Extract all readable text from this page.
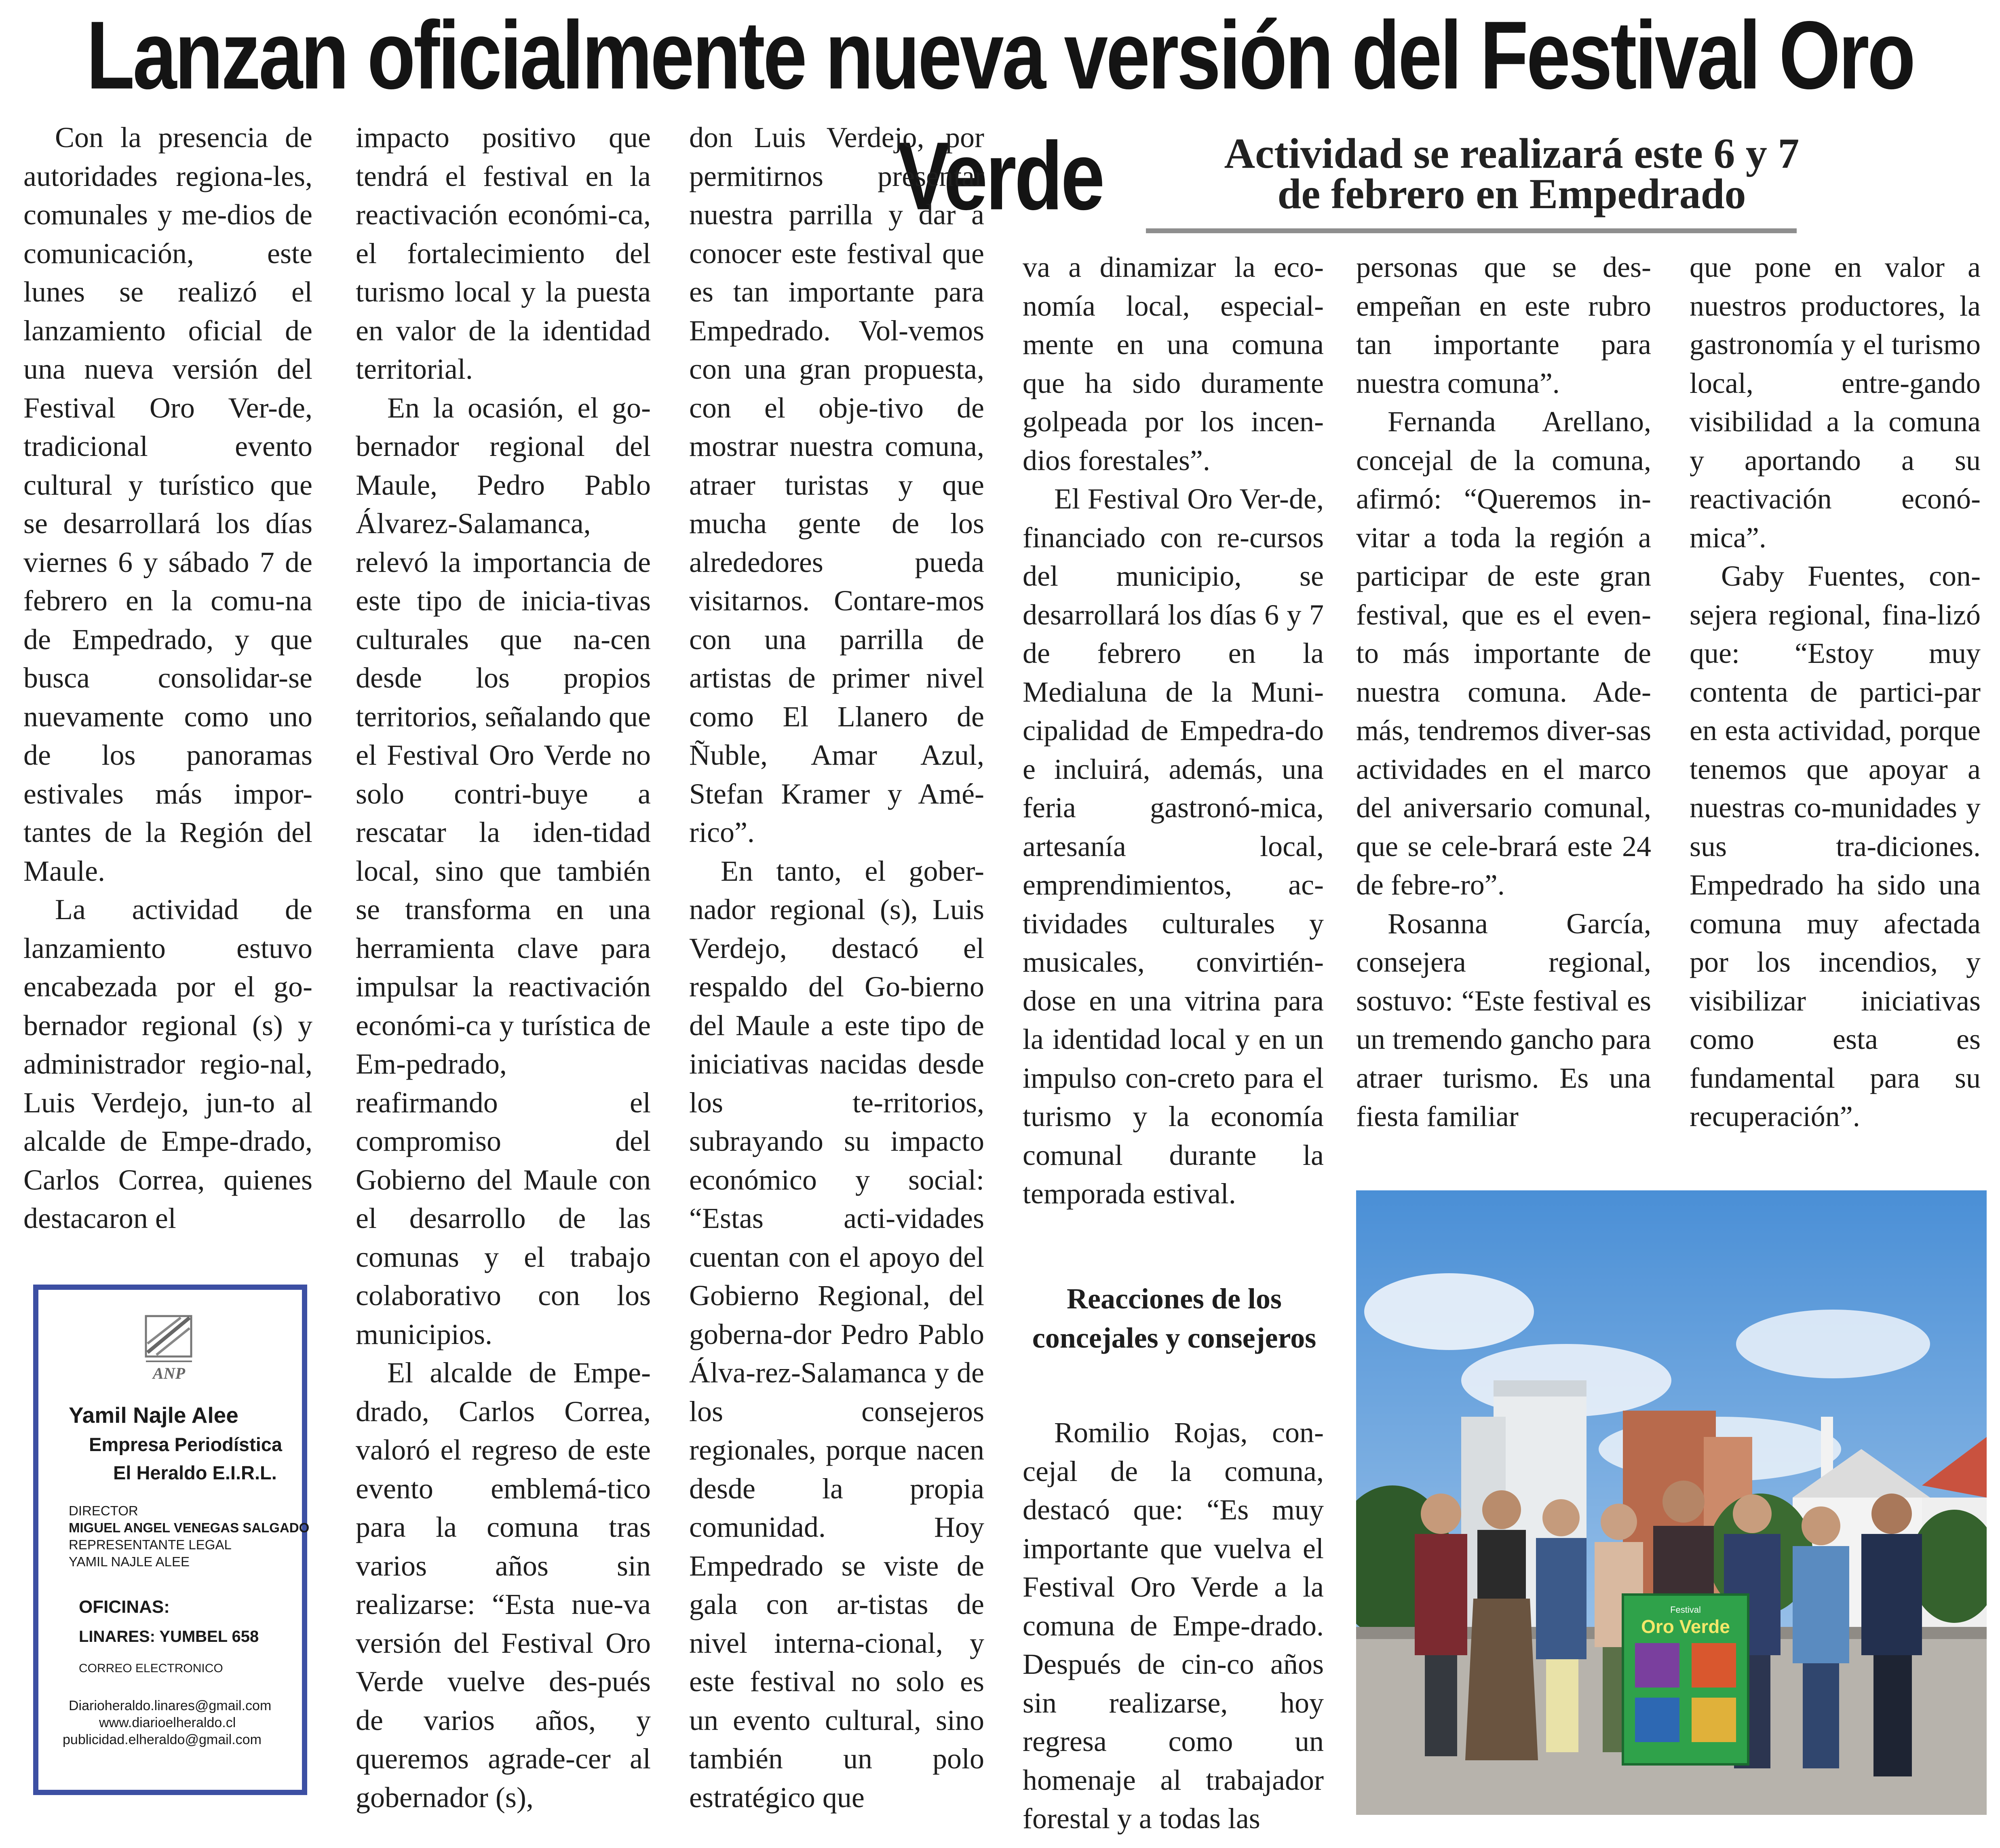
Lanzan oficialmente nueva versión del Festival Oro Verde	Actividad se realizará este 6 y 7
de febrero en Empedrado

Con la presencia de autoridades regiona-les, comunales y me-dios de comunicación, este lunes se realizó el lanzamiento oficial de una nueva versión del Festival Oro Ver-de, tradicional evento cultural y turístico que se desarrollará los días viernes 6 y sábado 7 de febrero en la comu-na de Empedrado, y que busca consolidar-se nuevamente como uno de los panoramas estivales más impor-tantes de la Región del Maule.

La actividad de lanzamiento estuvo encabezada por el go-bernador regional (s) y administrador regio-nal, Luis Verdejo, jun-to al alcalde de Empe-drado, Carlos Correa, quienes destacaron el

impacto positivo que tendrá el festival en la reactivación económi-ca, el fortalecimiento del turismo local y la puesta en valor de la identidad territorial.

En la ocasión, el go-bernador regional del Maule, Pedro Pablo Álvarez-Salamanca, relevó la importancia de este tipo de inicia-tivas culturales que na-cen desde los propios territorios, señalando que el Festival Oro Verde no solo contri-buye a rescatar la iden-tidad local, sino que también se transforma en una herramienta clave para impulsar la reactivación económi-ca y turística de Em-pedrado, reafirmando el compromiso del Gobierno del Maule con el desarrollo de las comunas y el trabajo colaborativo con los municipios.

El alcalde de Empe-drado, Carlos Correa, valoró el regreso de este evento emblemá-tico para la comuna tras varios años sin realizarse: “Esta nue-va versión del Festival Oro Verde vuelve des-pués de varios años, y queremos agrade-cer al gobernador (s),

don Luis Verdejo, por permitirnos presentar nuestra parrilla y dar a conocer este festival que es tan importante para Empedrado. Vol-vemos con una gran propuesta, con el obje-tivo de mostrar nuestra comuna, atraer turistas y que mucha gente de los alrededores pueda visitarnos. Contare-mos con una parrilla de artistas de primer nivel como El Llanero de Ñuble, Amar Azul, Stefan Kramer y Amé-rico”.

En tanto, el gober-nador regional (s), Luis Verdejo, destacó el respaldo del Go-bierno del Maule a este tipo de iniciativas nacidas desde los te-rritorios, subrayando su impacto económico y social: “Estas acti-vidades cuentan con el apoyo del Gobierno Regional, del goberna-dor Pedro Pablo Álva-rez-Salamanca y de los consejeros regionales, porque nacen desde la propia comunidad. Hoy Empedrado se viste de gala con ar-tistas de nivel interna-cional, y este festival no solo es un evento cultural, sino también un polo estratégico que

va a dinamizar la eco-nomía local, especial-mente en una comuna que ha sido duramente golpeada por los incen-dios forestales”.

El Festival Oro Ver-de, financiado con re-cursos del municipio, se desarrollará los días 6 y 7 de febrero en la Medialuna de la Muni-cipalidad de Empedra-do e incluirá, además, una feria gastronó-mica, artesanía local, emprendimientos, ac-tividades culturales y musicales, convirtién-dose en una vitrina para la identidad local y en un impulso con-creto para el turismo y la economía comunal durante la temporada estival.

Reacciones de los concejales y consejeros

Romilio Rojas, con-cejal de la comuna, destacó que: “Es muy importante que vuelva el Festival Oro Verde a la comuna de Empe-drado. Después de cin-co años sin realizarse, hoy regresa como un homenaje al trabajador forestal y a todas las

personas que se des-empeñan en este rubro tan importante para nuestra comuna”.

Fernanda Arellano, concejal de la comuna, afirmó: “Queremos in-vitar a toda la región a participar de este gran festival, que es el even-to más importante de nuestra comuna. Ade-más, tendremos diver-sas actividades en el marco del aniversario comunal, que se cele-brará este 24 de febre-ro”.

Rosanna García, consejera regional, sostuvo: “Este festival es un tremendo gancho para atraer turismo. Es una fiesta familiar

que pone en valor a nuestros productores, la gastronomía y el turismo local, entre-gando visibilidad a la comuna y aportando a su reactivación econó-mica”.

Gaby Fuentes, con-sejera regional, fina-lizó que: “Estoy muy contenta de partici-par en esta actividad, porque tenemos que apoyar a nuestras co-munidades y sus tra-diciones. Empedrado ha sido una comuna muy afectada por los incendios, y visibilizar iniciativas como esta es fundamental para su recuperación”.

ANP
Yamil Najle Alee
Empresa Periodística
El Heraldo E.I.R.L.
DIRECTOR
MIGUEL ANGEL VENEGAS SALGADO
REPRESENTANTE LEGAL
YAMIL NAJLE ALEE
OFICINAS:
LINARES: YUMBEL 658
CORREO ELECTRONICO
Diarioheraldo.linares@gmail.com
www.diarioelheraldo.cl
publicidad.elheraldo@gmail.com
Festival
Oro Verde
